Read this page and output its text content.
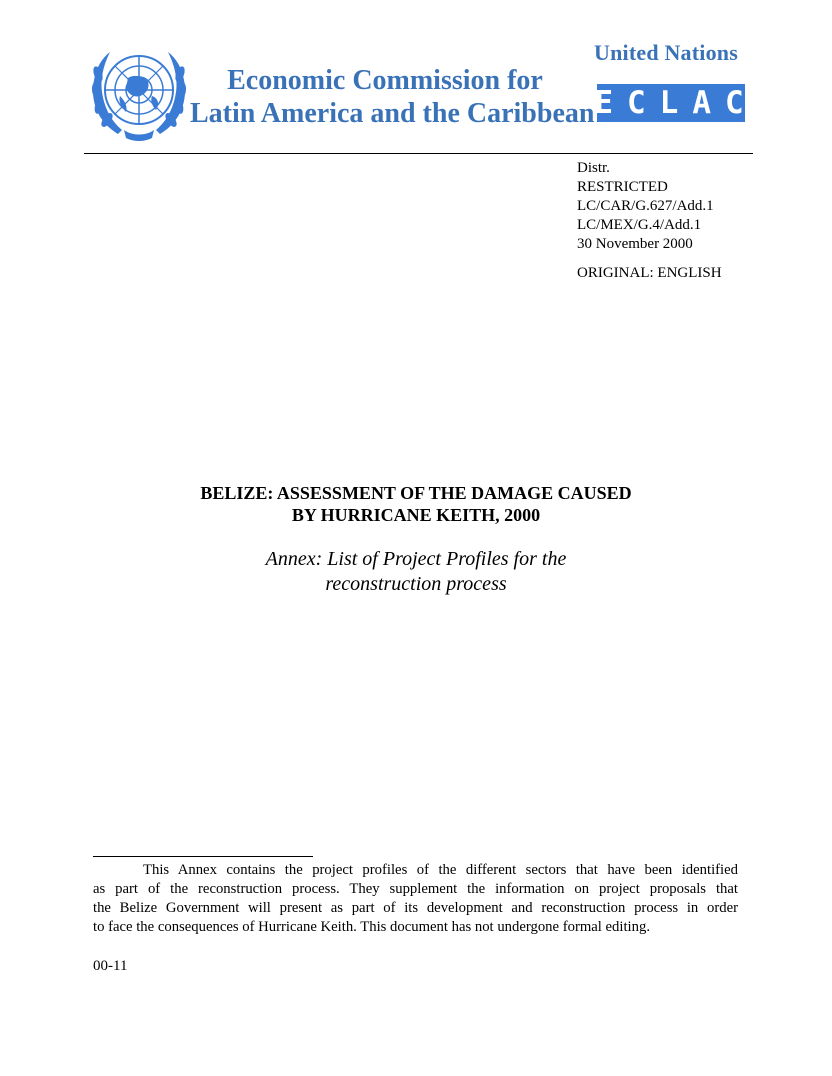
Economic Commission for
Latin America and the Caribbean
United Nations
ECLAC
Distr.
RESTRICTED
LC/CAR/G.627/Add.1
LC/MEX/G.4/Add.1
30 November 2000
ORIGINAL: ENGLISH
BELIZE: ASSESSMENT OF THE DAMAGE CAUSED
BY HURRICANE KEITH, 2000
Annex: List of Project Profiles for the
reconstruction process
This Annex contains the project profiles of the different sectors that have been identified
as part of the reconstruction process. They supplement the information on project proposals that
the Belize Government will present as part of its development and reconstruction process in order
to face the consequences of Hurricane Keith. This document has not undergone formal editing.
00-11
